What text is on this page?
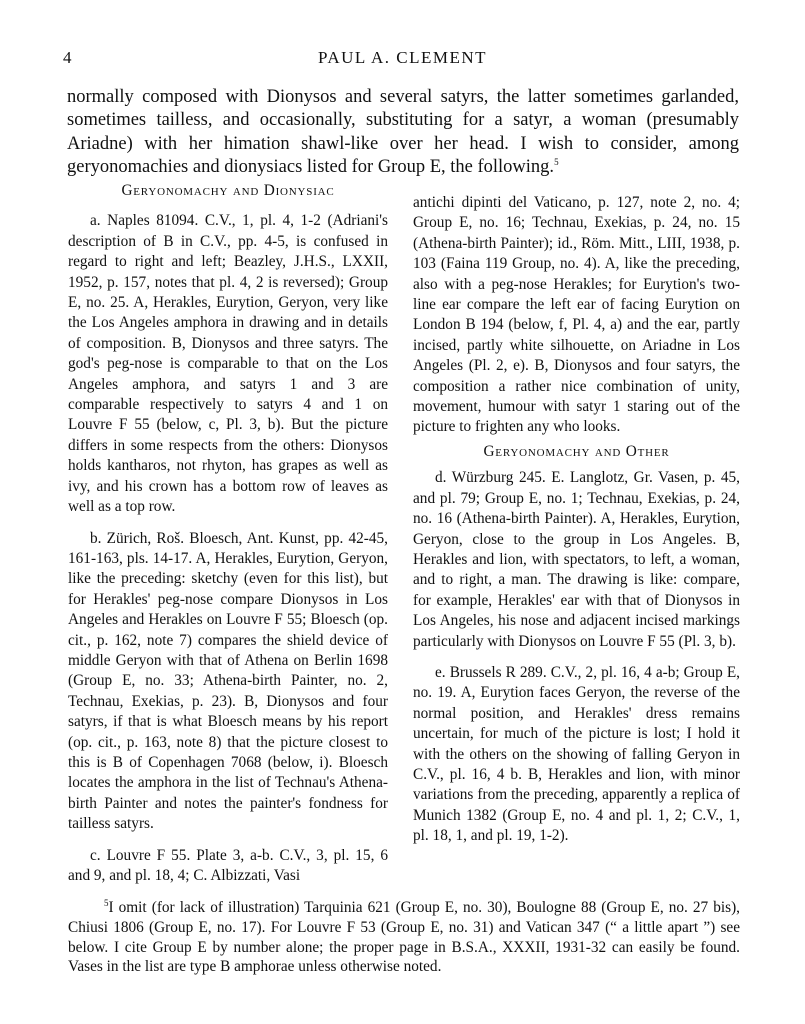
4	PAUL A. CLEMENT

normally composed with Dionysos and several satyrs, the latter sometimes garlanded, sometimes tailless, and occasionally, substituting for a satyr, a woman (presumably Ariadne) with her himation shawl-like over her head. I wish to consider, among geryonomachies and dionysiacs listed for Group E, the following.$^5$

Geryonomachy and Dionysiac

a. Naples 81094. C.V., 1, pl. 4, 1-2 (Adriani's description of B in C.V., pp. 4-5, is confused in regard to right and left; Beazley, J.H.S., LXXII, 1952, p. 157, notes that pl. 4, 2 is reversed); Group E, no. 25. A, Herakles, Eurytion, Geryon, very like the Los Angeles amphora in drawing and in details of composition. B, Dionysos and three satyrs. The god's peg-nose is comparable to that on the Los Angeles amphora, and satyrs 1 and 3 are comparable respectively to satyrs 4 and 1 on Louvre F 55 (below, c, Pl. 3, b). But the picture differs in some respects from the others: Dionysos holds kantharos, not rhyton, has grapes as well as ivy, and his crown has a bottom row of leaves as well as a top row.

b. Zürich, Roš. Bloesch, Ant. Kunst, pp. 42-45, 161-163, pls. 14-17. A, Herakles, Eurytion, Geryon, like the preceding: sketchy (even for this list), but for Herakles' peg-nose compare Dionysos in Los Angeles and Herakles on Louvre F 55; Bloesch (op. cit., p. 162, note 7) compares the shield device of middle Geryon with that of Athena on Berlin 1698 (Group E, no. 33; Athena-birth Painter, no. 2, Technau, Exekias, p. 23). B, Dionysos and four satyrs, if that is what Bloesch means by his report (op. cit., p. 163, note 8) that the picture closest to this is B of Copenhagen 7068 (below, i). Bloesch locates the amphora in the list of Technau's Athena-birth Painter and notes the painter's fondness for tailless satyrs.

c. Louvre F 55. Plate 3, a-b. C.V., 3, pl. 15, 6 and 9, and pl. 18, 4; C. Albizzati, Vasi

antichi dipinti del Vaticano, p. 127, note 2, no. 4; Group E, no. 16; Technau, Exekias, p. 24, no. 15 (Athena-birth Painter); id., Röm. Mitt., LIII, 1938, p. 103 (Faina 119 Group, no. 4). A, like the preceding, also with a peg-nose Herakles; for Eurytion's two-line ear compare the left ear of facing Eurytion on London B 194 (below, f, Pl. 4, a) and the ear, partly incised, partly white silhouette, on Ariadne in Los Angeles (Pl. 2, e). B, Dionysos and four satyrs, the composition a rather nice combination of unity, movement, humour with satyr 1 staring out of the picture to frighten any who looks.

Geryonomachy and Other

d. Würzburg 245. E. Langlotz, Gr. Vasen, p. 45, and pl. 79; Group E, no. 1; Technau, Exekias, p. 24, no. 16 (Athena-birth Painter). A, Herakles, Eurytion, Geryon, close to the group in Los Angeles. B, Herakles and lion, with spectators, to left, a woman, and to right, a man. The drawing is like: compare, for example, Herakles' ear with that of Dionysos in Los Angeles, his nose and adjacent incised markings particularly with Dionysos on Louvre F 55 (Pl. 3, b).

e. Brussels R 289. C.V., 2, pl. 16, 4 a-b; Group E, no. 19. A, Eurytion faces Geryon, the reverse of the normal position, and Herakles' dress remains uncertain, for much of the picture is lost; I hold it with the others on the showing of falling Geryon in C.V., pl. 16, 4 b. B, Herakles and lion, with minor variations from the preceding, apparently a replica of Munich 1382 (Group E, no. 4 and pl. 1, 2; C.V., 1, pl. 18, 1, and pl. 19, 1-2).

$^5$I omit (for lack of illustration) Tarquinia 621 (Group E, no. 30), Boulogne 88 (Group E, no. 27 bis), Chiusi 1806 (Group E, no. 17). For Louvre F 53 (Group E, no. 31) and Vatican 347 (“ a little apart ”) see below. I cite Group E by number alone; the proper page in B.S.A., XXXII, 1931-32 can easily be found. Vases in the list are type B amphorae unless otherwise noted.
